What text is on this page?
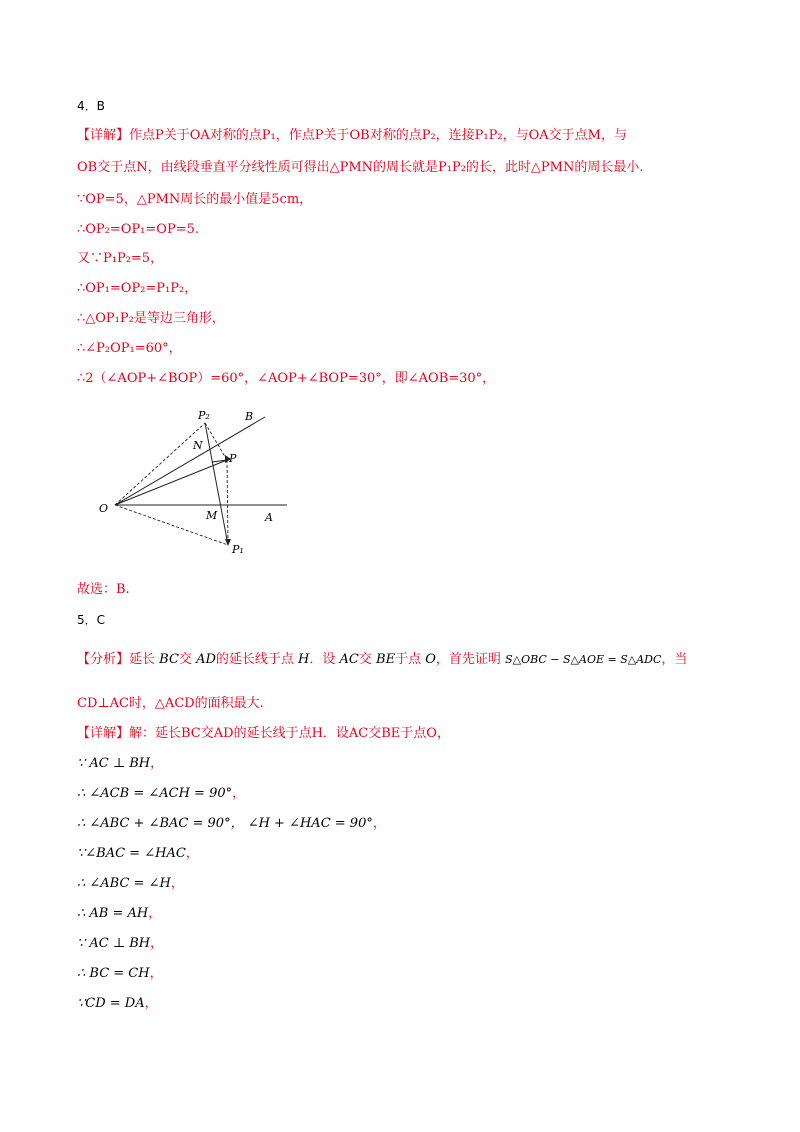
4．B
【详解】作点P关于OA对称的点P₁，作点P关于OB对称的点P₂，连接P₁P₂，与OA交于点M，与
OB交于点N，由线段垂直平分线性质可得出△PMN的周长就是P₁P₂的长，此时△PMN的周长最小.
∵OP=5，△PMN周长的最小值是5cm，
∴OP₂=OP₁=OP=5.
又∵P₁P₂=5，
∴OP₁=OP₂=P₁P₂，
∴△OP₁P₂是等边三角形，
∴∠P₂OP₁=60°，
∴2（∠AOP+∠BOP）=60°，∠AOP+∠BOP=30°，即∠AOB=30°，
O
A
B
P
M
N
P₁
P₂
故选：B.
5．C
【分析】延长 BC交 AD的延长线于点 H．设 AC交 BE于点 O，首先证明 S△OBC − S△AOE = S△ADC，当
CD⊥AC时，△ACD的面积最大.
【详解】解：延长BC交AD的延长线于点H．设AC交BE于点O，
∵ AC ⊥ BH，
∴ ∠ACB = ∠ACH = 90°，
∴ ∠ABC + ∠BAC = 90°， ∠H + ∠HAC = 90°，
∵∠BAC = ∠HAC，
∴ ∠ABC = ∠H，
∴ AB = AH，
∵ AC ⊥ BH，
∴ BC = CH，
∵CD = DA，
